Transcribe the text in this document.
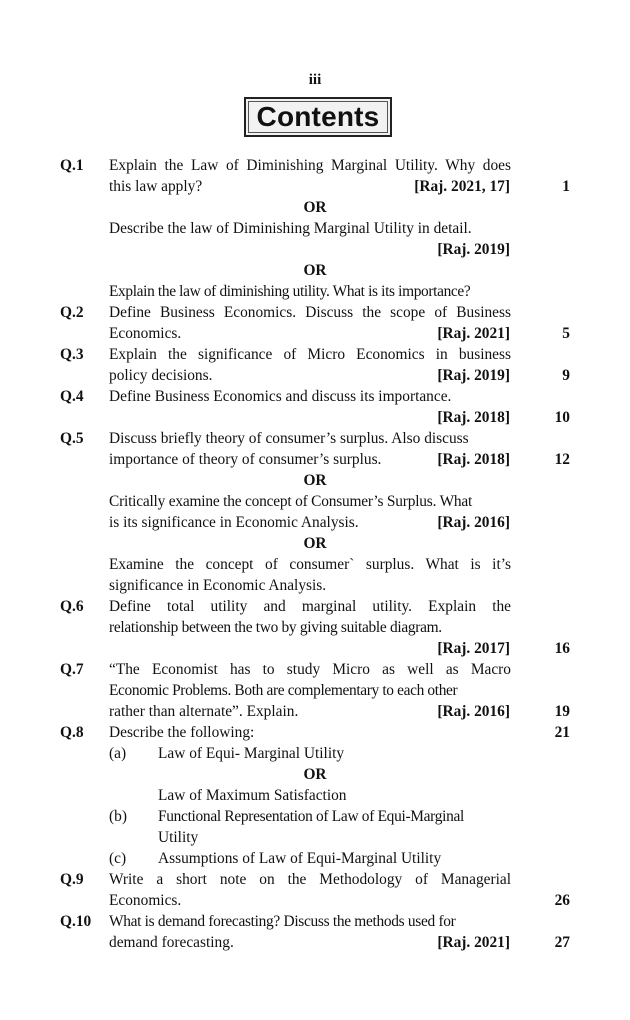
iii
Contents
Q.1 Explain the Law of Diminishing Marginal Utility. Why does
this law apply?	[Raj. 2021, 17]	1
OR
Describe the law of Diminishing Marginal Utility in detail.
[Raj. 2019]
OR
Explain the law of diminishing utility. What is its importance?
Q.2 Define Business Economics. Discuss the scope of Business
Economics.	[Raj. 2021]	5
Q.3 Explain the significance of Micro Economics in business
policy decisions.	[Raj. 2019]	9
Q.4 Define Business Economics and discuss its importance.
[Raj. 2018]	10
Q.5 Discuss briefly theory of consumer’s surplus. Also discuss
importance of theory of consumer’s surplus.	[Raj. 2018]	12
OR
Critically examine the concept of Consumer’s Surplus. What
is its significance in Economic Analysis.	[Raj. 2016]
OR
Examine the concept of consumer` surplus. What is it’s
significance in Economic Analysis.
Q.6 Define total utility and marginal utility. Explain the
relationship between the two by giving suitable diagram.
[Raj. 2017]	16
Q.7 “The Economist has to study Micro as well as Macro
Economic Problems. Both are complementary to each other
rather than alternate”. Explain.	[Raj. 2016]	19
Q.8 Describe the following:	21
(a) Law of Equi- Marginal Utility
OR
Law of Maximum Satisfaction
(b) Functional Representation of Law of Equi-Marginal
Utility
(c) Assumptions of Law of Equi-Marginal Utility
Q.9 Write a short note on the Methodology of Managerial
Economics.	26
Q.10 What is demand forecasting? Discuss the methods used for
demand forecasting.	[Raj. 2021]	27
